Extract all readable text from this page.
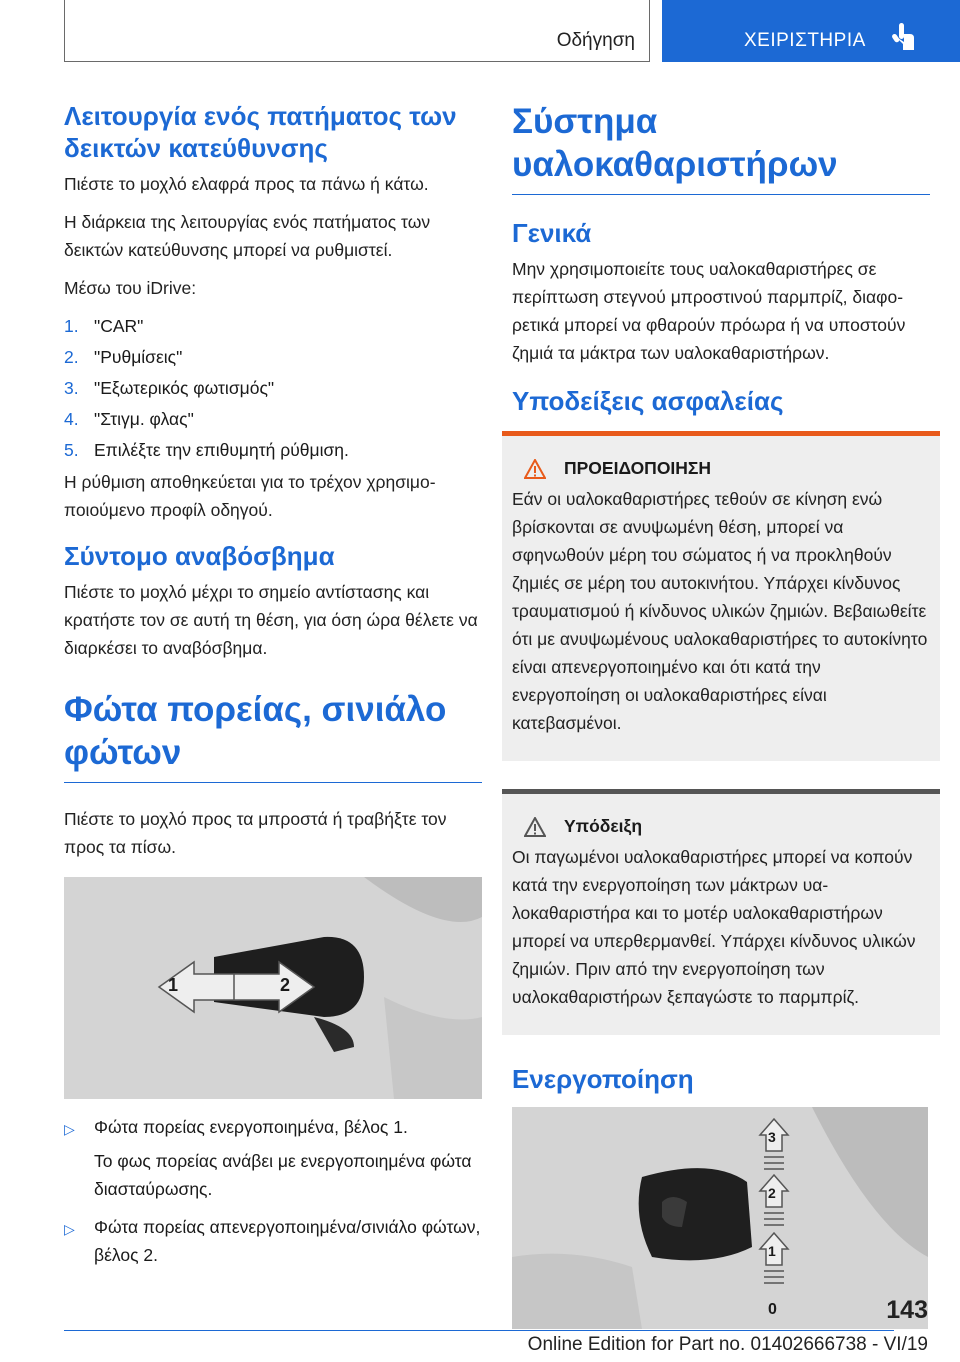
Οδήγηση	ΧΕΙΡΙΣΤΗΡΙΑ
Λειτουργία ενός πατήματος των δεικτών κατεύθυνσης

Πιέστε το μοχλό ελαφρά προς τα πάνω ή κάτω.

Η διάρκεια της λειτουργίας ενός πατήματος των δεικτών κατεύθυνσης μπορεί να ρυθμιστεί.

Μέσω του iDrive:

1. "CAR"
2. "Ρυθμίσεις"
3. "Εξωτερικός φωτισμός"
4. "Στιγμ. φλας"
5. Επιλέξτε την επιθυμητή ρύθμιση.

Η ρύθμιση αποθηκεύεται για το τρέχον χρησιμοποιούμενο προφίλ οδηγού.

Σύντομο αναβόσβημα

Πιέστε το μοχλό μέχρι το σημείο αντίστασης και κρατήστε τον σε αυτή τη θέση, για όση ώρα θέλετε να διαρκέσει το αναβόσβημα.

Φώτα πορείας, σινιάλο φώτων

Πιέστε το μοχλό προς τα μπροστά ή τραβήξτε τον προς τα πίσω.

1	2
▷	Φώτα πορείας ενεργοποιημένα, βέλος 1.
Το φως πορείας ανάβει με ενεργοποιημένα φώτα διασταύρωσης.
▷	Φώτα πορείας απενεργοποιημένα/σινιάλο φώτων, βέλος 2.
Σύστημα υαλοκαθαριστήρων
Γενικά

Μην χρησιμοποιείτε τους υαλοκαθαριστήρες σε περίπτωση στεγνού μπροστινού παρμπρίζ, διαφορετικά μπορεί να φθαρούν πρόωρα ή να υποστούν ζημιά τα μάκτρα των υαλοκαθαριστήρων.

Υποδείξεις ασφαλείας
ΠΡΟΕΙΔΟΠΟΙΗΣΗ

Εάν οι υαλοκαθαριστήρες τεθούν σε κίνηση ενώ βρίσκονται σε ανυψωμένη θέση, μπορεί να σφηνωθούν μέρη του σώματος ή να προκληθούν ζημιές σε μέρη του αυτοκινήτου. Υπάρχει κίνδυνος τραυματισμού ή κίνδυνος υλικών ζημιών. Βεβαιωθείτε ότι με ανυψωμένους υαλοκαθαριστήρες το αυτοκίνητο είναι απενεργοποιημένο και ότι κατά την ενεργοποίηση οι υαλοκαθαριστήρες είναι κατεβασμένοι.

Υπόδειξη

Οι παγωμένοι υαλοκαθαριστήρες μπορεί να κοπούν κατά την ενεργοποίηση των μάκτρων υαλοκαθαριστήρα και το μοτέρ υαλοκαθαριστήρων μπορεί να υπερθερμανθεί. Υπάρχει κίνδυνος υλικών ζημιών. Πριν από την ενεργοποίηση των υαλοκαθαριστήρων ξεπαγώστε το παρμπρίζ.

Ενεργοποίηση
3
2
1
0	143
Online Edition for Part no. 01402666738 - VI/19
